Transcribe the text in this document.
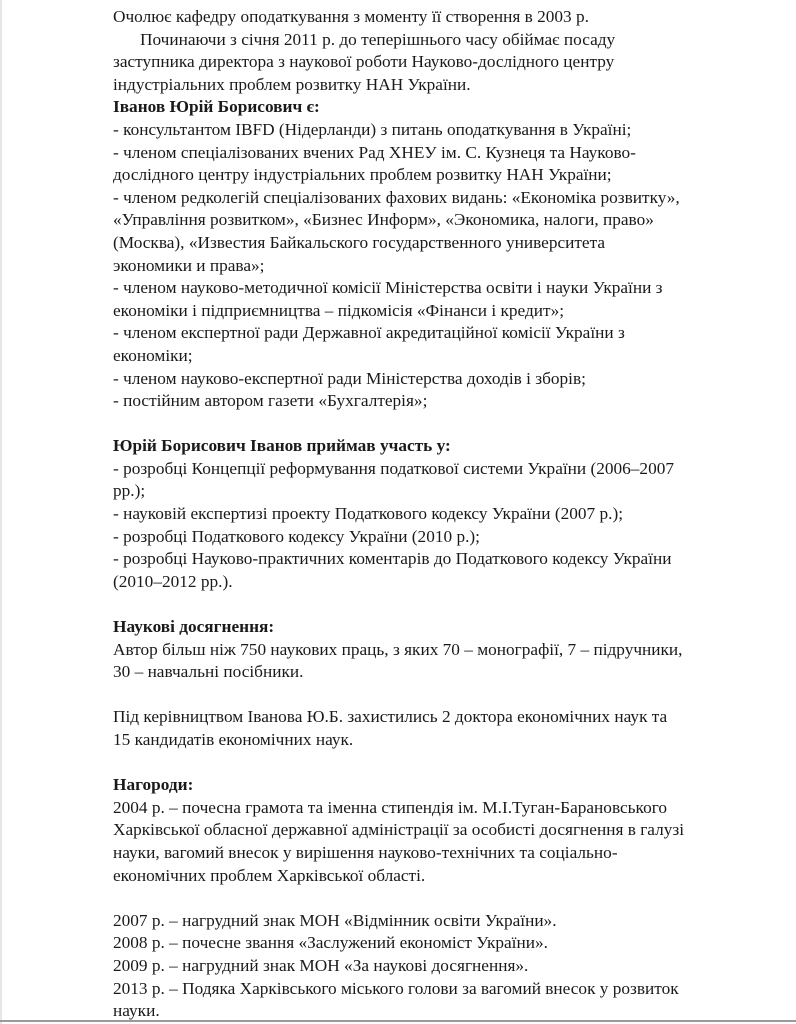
Очолює кафедру оподаткування з моменту її створення в 2003 р.

Починаючи з січня 2011 р. до теперішнього часу обіймає посаду

заступника директора з наукової роботи Науково-дослідного центру

індустріальних проблем розвитку НАН України.

Іванов Юрій Борисович є:

- консультантом IBFD (Нідерланди) з питань оподаткування в Україні;

- членом спеціалізованих вчених Рад ХНЕУ ім. С. Кузнеця та Науково-

дослідного центру індустріальних проблем розвитку НАН України;

- членом редколегій спеціалізованих фахових видань: «Економіка розвитку»,

«Управління розвитком», «Бизнес Информ», «Экономика, налоги, право»

(Москва), «Известия Байкальского государственного университета

экономики и права»;

- членом науково-методичної комісії Міністерства освіти і науки України з

економіки і підприємництва – підкомісія «Фінанси і кредит»;

- членом експертної ради Державної акредитаційної комісії України з

економіки;

- членом науково-експертної ради Міністерства доходів і зборів;

- постійним автором газети «Бухгалтерія»;

Юрій Борисович Іванов приймав участь у:

- розробці Концепції реформування податкової системи України (2006–2007

рр.);

- науковій експертизі проекту Податкового кодексу України (2007 р.);

- розробці Податкового кодексу України (2010 р.);

- розробці Науково-практичних коментарів до Податкового кодексу України

(2010–2012 рр.).

Наукові досягнення:

Автор більш ніж 750 наукових праць, з яких 70 – монографії, 7 – підручники,

30 – навчальні посібники.

Під керівництвом Іванова Ю.Б. захистились 2 доктора економічних наук та

15 кандидатів економічних наук.

Нагороди:

2004 р. – почесна грамота та іменна стипендія ім. М.І.Туган-Барановського

Харківської обласної державної адміністрації за особисті досягнення в галузі

науки, вагомий внесок у вирішення науково-технічних та соціально-

економічних проблем Харківської області.

2007 р. – нагрудний знак МОН «Відмінник освіти України».

2008 р. – почесне звання «Заслужений економіст України».

2009 р. – нагрудний знак МОН «За наукові досягнення».

2013 р. – Подяка Харківського міського голови за вагомий внесок у розвиток

науки.
